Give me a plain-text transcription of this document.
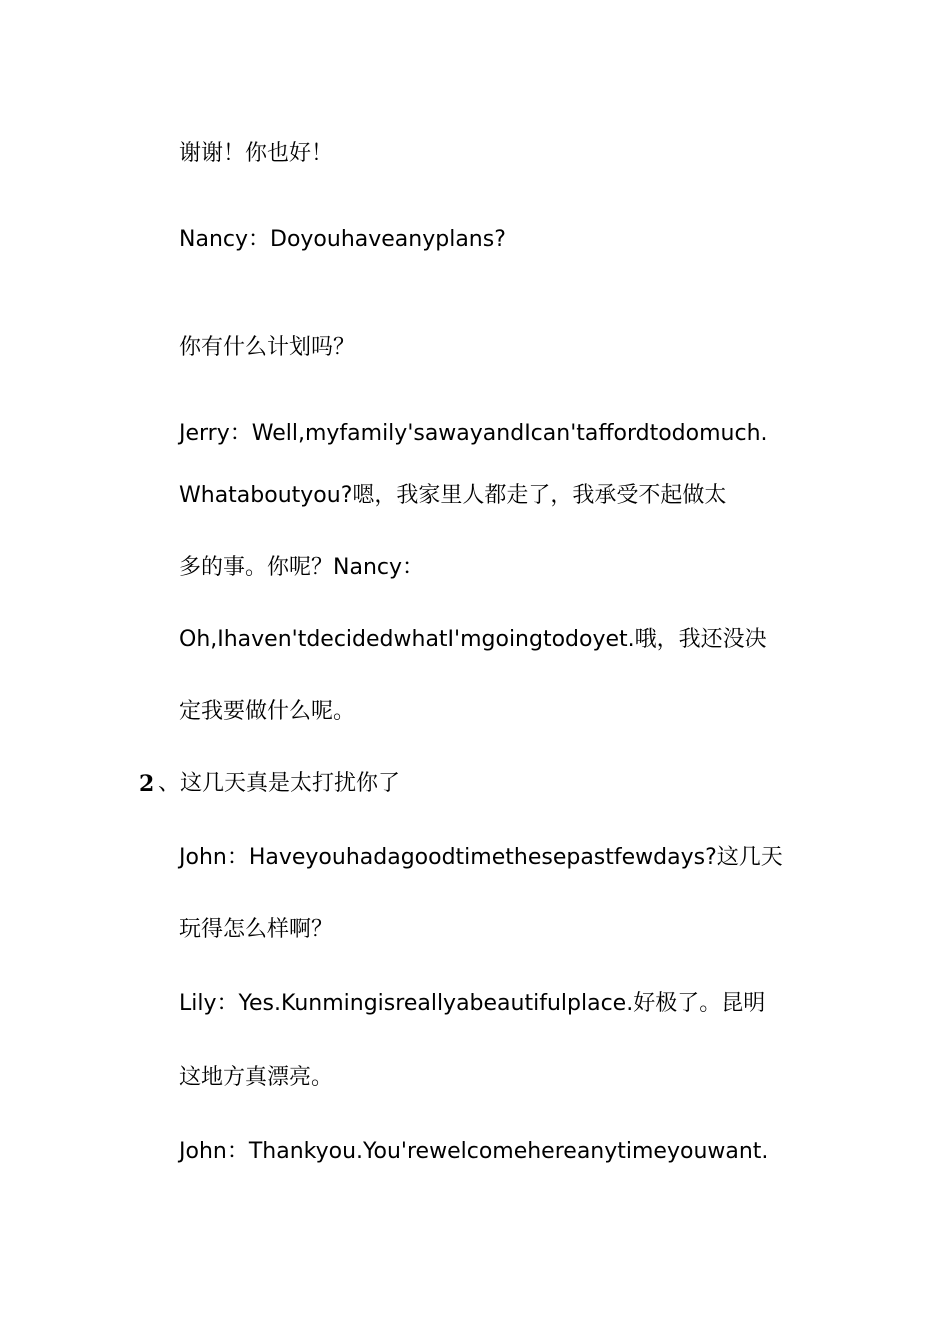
谢谢！你也好！
Nancy：Doyouhaveanyplans?
你有什么计划吗？
Jerry：Well,myfamily'sawayandIcan'taffordtodomuch.
Whataboutyou?嗯，我家里人都走了，我承受不起做太
多的事。你呢？Nancy：
Oh,Ihaven'tdecidedwhatI'mgoingtodoyet.哦，我还没决
定我要做什么呢。
2 、这几天真是太打扰你了
John：Haveyouhadagoodtimethesepastfewdays?这几天
玩得怎么样啊？
Lily：Yes.Kunmingisreallyabeautifulplace.好极了。昆明
这地方真漂亮。
John：Thankyou.You'rewelcomehereanytimeyouwant.
